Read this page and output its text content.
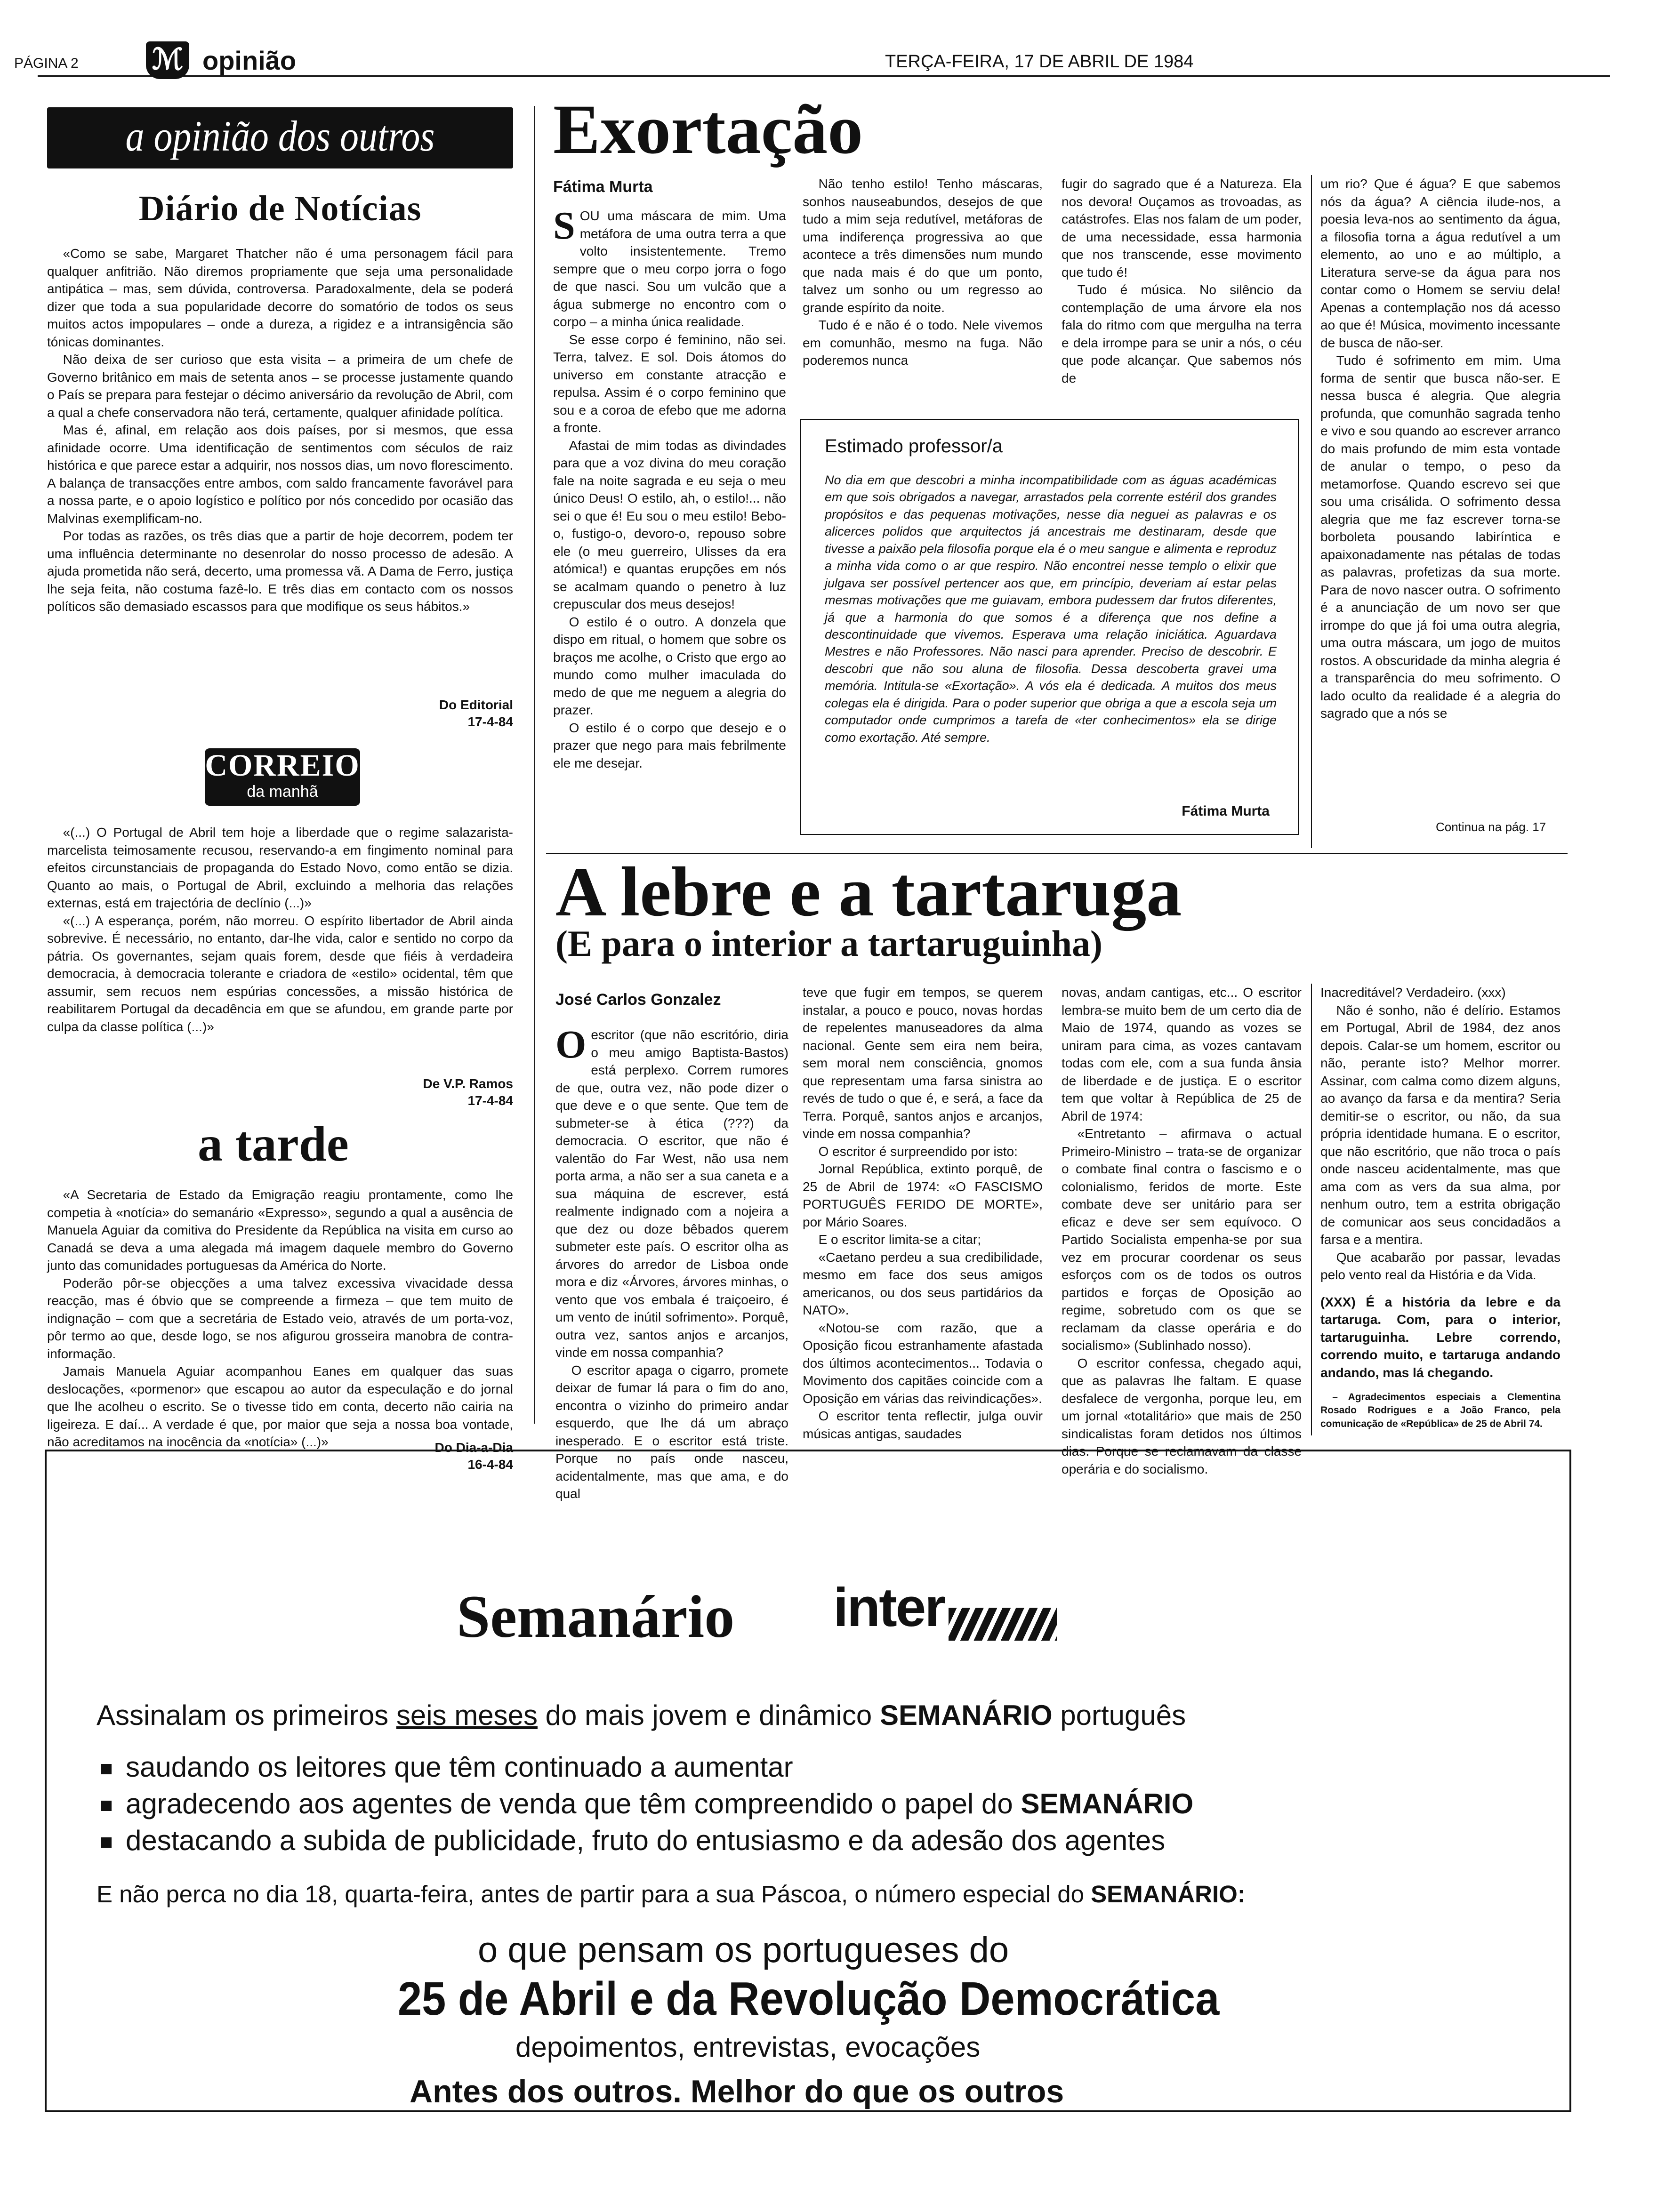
PÁGINA 2	ℳ opinião	TERÇA-FEIRA, 17 DE ABRIL DE 1984
a opinião dos outros
Diário de Notícias

«Como se sabe, Margaret Thatcher não é uma personagem fácil para qualquer anfitrião. Não diremos propriamente que seja uma personalidade antipática – mas, sem dúvida, controversa. Paradoxalmente, dela se poderá dizer que toda a sua popularidade decorre do somatório de todos os seus muitos actos impopulares – onde a dureza, a rigidez e a intransigência são tónicas dominantes.

Não deixa de ser curioso que esta visita – a primeira de um chefe de Governo britânico em mais de setenta anos – se processe justamente quando o País se prepara para festejar o décimo aniversário da revolução de Abril, com a qual a chefe conservadora não terá, certamente, qualquer afinidade política.

Mas é, afinal, em relação aos dois países, por si mesmos, que essa afinidade ocorre. Uma identificação de sentimentos com séculos de raiz histórica e que parece estar a adquirir, nos nossos dias, um novo florescimento. A balança de transacções entre ambos, com saldo francamente favorável para a nossa parte, e o apoio logístico e político por nós concedido por ocasião das Malvinas exemplificam-no.

Por todas as razões, os três dias que a partir de hoje decorrem, podem ter uma influência determinante no desenrolar do nosso processo de adesão. A ajuda prometida não será, decerto, uma promessa vã. A Dama de Ferro, justiça lhe seja feita, não costuma fazê-lo. E três dias em contacto com os nossos políticos são demasiado escassos para que modifique os seus hábitos.»

Do Editorial
17-4-84
CORREIO
da manhã

«(...) O Portugal de Abril tem hoje a liberdade que o regime salazarista-marcelista teimosamente recusou, reservando-a em fingimento nominal para efeitos circunstanciais de propaganda do Estado Novo, como então se dizia. Quanto ao mais, o Portugal de Abril, excluindo a melhoria das relações externas, está em trajectória de declínio (...)»

«(...) A esperança, porém, não morreu. O espírito libertador de Abril ainda sobrevive. É necessário, no entanto, dar-lhe vida, calor e sentido no corpo da pátria. Os governantes, sejam quais forem, desde que fiéis à verdadeira democracia, à democracia tolerante e criadora de «estilo» ocidental, têm que assumir, sem recuos nem espúrias concessões, a missão histórica de reabilitarem Portugal da decadência em que se afundou, em grande parte por culpa da classe política (...)»

De V.P. Ramos
17-4-84
a tarde

«A Secretaria de Estado da Emigração reagiu prontamente, como lhe competia à «notícia» do semanário «Expresso», segundo a qual a ausência de Manuela Aguiar da comitiva do Presidente da República na visita em curso ao Canadá se deva a uma alegada má imagem daquele membro do Governo junto das comunidades portuguesas da América do Norte.

Poderão pôr-se objecções a uma talvez excessiva vivacidade dessa reacção, mas é óbvio que se compreende a firmeza – que tem muito de indignação – com que a secretária de Estado veio, através de um porta-voz, pôr termo ao que, desde logo, se nos afigurou grosseira manobra de contra-informação.

Jamais Manuela Aguiar acompanhou Eanes em qualquer das suas deslocações, «pormenor» que escapou ao autor da especulação e do jornal que lhe acolheu o escrito. Se o tivesse tido em conta, decerto não cairia na ligeireza. E daí... A verdade é que, por maior que seja a nossa boa vontade, não acreditamos na inocência da «notícia» (...)»	Do Dia-a-Dia
16-4-84
Exortação
Fátima Murta

SOU uma máscara de mim. Uma metáfora de uma outra terra a que volto insistentemente. Tremo sempre que o meu corpo jorra o fogo de que nasci. Sou um vulcão que a água submerge no encontro com o corpo – a minha única realidade.

Se esse corpo é feminino, não sei. Terra, talvez. E sol. Dois átomos do universo em constante atracção e repulsa. Assim é o corpo feminino que sou e a coroa de efebo que me adorna a fronte.

Afastai de mim todas as divindades para que a voz divina do meu coração fale na noite sagrada e eu seja o meu único Deus! O estilo, ah, o estilo!... não sei o que é! Eu sou o meu estilo! Bebo-o, fustigo-o, devoro-o, repouso sobre ele (o meu guerreiro, Ulisses da era atómica!) e quantas erupções em nós se acalmam quando o penetro à luz crepuscular dos meus desejos!

O estilo é o outro. A donzela que dispo em ritual, o homem que sobre os braços me acolhe, o Cristo que ergo ao mundo como mulher imaculada do medo de que me neguem a alegria do prazer.

O estilo é o corpo que desejo e o prazer que nego para mais febrilmente ele me desejar.

Não tenho estilo! Tenho máscaras, sonhos nauseabundos, desejos de que tudo a mim seja redutível, metáforas de uma indiferença progressiva ao que acontece a três dimensões num mundo que nada mais é do que um ponto, talvez um sonho ou um regresso ao grande espírito da noite.

Tudo é e não é o todo. Nele vivemos em comunhão, mesmo na fuga. Não poderemos nunca

fugir do sagrado que é a Natureza. Ela nos devora! Ouçamos as trovoadas, as catástrofes. Elas nos falam de um poder, de uma necessidade, essa harmonia que nos transcende, esse movimento que tudo é!

Tudo é música. No silêncio da contemplação de uma árvore ela nos fala do ritmo com que mergulha na terra e dela irrompe para se unir a nós, o céu que pode alcançar. Que sabemos nós de

um rio? Que é água? E que sabemos nós da água? A ciência ilude-nos, a poesia leva-nos ao sentimento da água, a filosofia torna a água redutível a um elemento, ao uno e ao múltiplo, a Literatura serve-se da água para nos contar como o Homem se serviu dela! Apenas a contemplação nos dá acesso ao que é! Música, movimento incessante de busca de não-ser.

Tudo é sofrimento em mim. Uma forma de sentir que busca não-ser. E nessa busca é alegria. Que alegria profunda, que comunhão sagrada tenho e vivo e sou quando ao escrever arranco do mais profundo de mim esta vontade de anular o tempo, o peso da metamorfose. Quando escrevo sei que sou uma crisálida. O sofrimento dessa alegria que me faz escrever torna-se borboleta pousando labiríntica e apaixonadamente nas pétalas de todas as palavras, profetizas da sua morte. Para de novo nascer outra. O sofrimento é a anunciação de um novo ser que irrompe do que já foi uma outra alegria, uma outra máscara, um jogo de muitos rostos. A obscuridade da minha alegria é a transparência do meu sofrimento. O lado oculto da realidade é a alegria do sagrado que a nós se

Continua na pág. 17
Estimado professor/a
No dia em que descobri a minha incompatibilidade com as águas académicas em que sois obrigados a navegar, arrastados pela corrente estéril dos grandes propósitos e das pequenas motivações, nesse dia neguei as palavras e os alicerces polidos que arquitectos já ancestrais me destinaram, desde que tivesse a paixão pela filosofia porque ela é o meu sangue e alimenta e reproduz a minha vida como o ar que respiro. Não encontrei nesse templo o elixir que julgava ser possível pertencer aos que, em princípio, deveriam aí estar pelas mesmas motivações que me guiavam, embora pudessem dar frutos diferentes, já que a harmonia do que somos é a diferença que nos define a descontinuidade que vivemos. Esperava uma relação iniciática. Aguardava Mestres e não Professores. Não nasci para aprender. Preciso de descobrir. E descobri que não sou aluna de filosofia. Dessa descoberta gravei uma memória. Intitula-se «Exortação». A vós ela é dedicada. A muitos dos meus colegas ela é dirigida. Para o poder superior que obriga a que a escola seja um computador onde cumprimos a tarefa de «ter conhecimentos» ela se dirige como exortação. Até sempre.
Fátima Murta
A lebre e a tartaruga
(E para o interior a tartaruguinha)
José Carlos Gonzalez

O escritor (que não escritório, diria o meu amigo Baptista-Bastos) está perplexo. Correm rumores de que, outra vez, não pode dizer o que deve e o que sente. Que tem de submeter-se à ética (???) da democracia. O escritor, que não é valentão do Far West, não usa nem porta arma, a não ser a sua caneta e a sua máquina de escrever, está realmente indignado com a nojeira a que dez ou doze bêbados querem submeter este país. O escritor olha as árvores do arredor de Lisboa onde mora e diz «Árvores, árvores minhas, o vento que vos embala é traiçoeiro, é um vento de inútil sofrimento». Porquê, outra vez, santos anjos e arcanjos, vinde em nossa companhia?

O escritor apaga o cigarro, promete deixar de fumar lá para o fim do ano, encontra o vizinho do primeiro andar esquerdo, que lhe dá um abraço inesperado. E o escritor está triste. Porque no país onde nasceu, acidentalmente, mas que ama, e do qual

teve que fugir em tempos, se querem instalar, a pouco e pouco, novas hordas de repelentes manuseadores da alma nacional. Gente sem eira nem beira, sem moral nem consciência, gnomos que representam uma farsa sinistra ao revés de tudo o que é, e será, a face da Terra. Porquê, santos anjos e arcanjos, vinde em nossa companhia?

O escritor é surpreendido por isto:

Jornal República, extinto porquê, de 25 de Abril de 1974: «O FASCISMO PORTUGUÊS FERIDO DE MORTE», por Mário Soares.

E o escritor limita-se a citar;

«Caetano perdeu a sua credibilidade, mesmo em face dos seus amigos americanos, ou dos seus partidários da NATO».

«Notou-se com razão, que a Oposição ficou estranhamente afastada dos últimos acontecimentos... Todavia o Movimento dos capitães coincide com a Oposição em várias das reivindicações».

O escritor tenta reflectir, julga ouvir músicas antigas, saudades

novas, andam cantigas, etc... O escritor lembra-se muito bem de um certo dia de Maio de 1974, quando as vozes se uniram para cima, as vozes cantavam todas com ele, com a sua funda ânsia de liberdade e de justiça. E o escritor tem que voltar à República de 25 de Abril de 1974:

«Entretanto – afirmava o actual Primeiro-Ministro – trata-se de organizar o combate final contra o fascismo e o colonialismo, feridos de morte. Este combate deve ser unitário para ser eficaz e deve ser sem equívoco. O Partido Socialista empenha-se por sua vez em procurar coordenar os seus esforços com os de todos os outros partidos e forças de Oposição ao regime, sobretudo com os que se reclamam da classe operária e do socialismo» (Sublinhado nosso).

O escritor confessa, chegado aqui, que as palavras lhe faltam. E quase desfalece de vergonha, porque leu, em um jornal «totalitário» que mais de 250 sindicalistas foram detidos nos últimos dias. Porque se reclamavam da classe operária e do socialismo.

Inacreditável? Verdadeiro. (xxx)

Não é sonho, não é delírio. Estamos em Portugal, Abril de 1984, dez anos depois. Calar-se um homem, escritor ou não, perante isto? Melhor morrer. Assinar, com calma como dizem alguns, ao avanço da farsa e da mentira? Seria demitir-se o escritor, ou não, da sua própria identidade humana. E o escritor, que não escritório, que não troca o país onde nasceu acidentalmente, mas que ama com as vers da sua alma, por nenhum outro, tem a estrita obrigação de comunicar aos seus concidadãos a farsa e a mentira.

Que acabarão por passar, levadas pelo vento real da História e da Vida.

(XXX) É a história da lebre e da tartaruga. Com, para o interior, tartaruguinha. Lebre correndo, correndo muito, e tartaruga andando andando, mas lá chegando.

– Agradecimentos especiais a Clementina Rosado Rodrigues e a João Franco, pela comunicação de «República» de 25 de Abril 74.

Semanário inter
Assinalam os primeiros seis meses do mais jovem e dinâmico SEMANÁRIO português
saudando os leitores que têm continuado a aumentar
agradecendo aos agentes de venda que têm compreendido o papel do SEMANÁRIO
destacando a subida de publicidade, fruto do entusiasmo e da adesão dos agentes
E não perca no dia 18, quarta-feira, antes de partir para a sua Páscoa, o número especial do SEMANÁRIO:
o que pensam os portugueses do
25 de Abril e da Revolução Democrática
depoimentos, entrevistas, evocações
Antes dos outros. Melhor do que os outros
